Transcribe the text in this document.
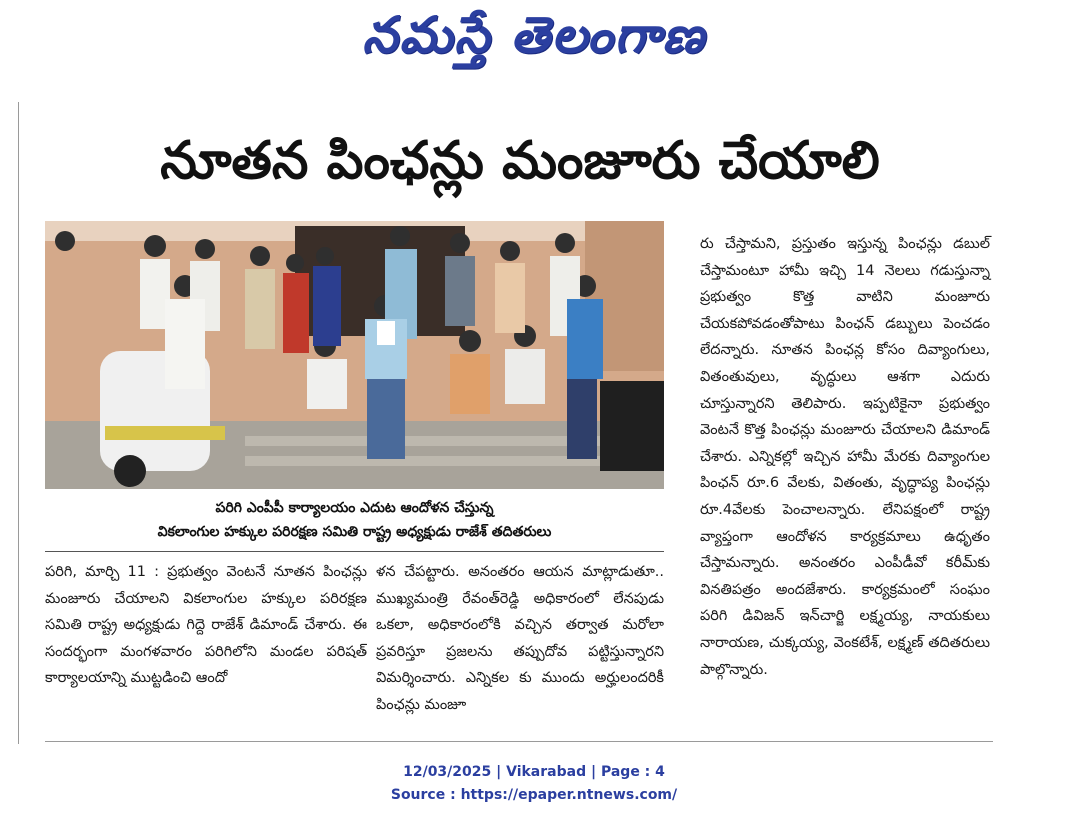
నమస్తే తెలంగాణ
నూతన పింఛన్లు మంజూరు చేయాలి
పరిగి ఎంపీపీ కార్యాలయం ఎదుట ఆందోళన చేస్తున్న
వికలాంగుల హక్కుల పరిరక్షణ సమితి రాష్ట్ర అధ్యక్షుడు రాజేశ్ తదితరులు

పరిగి, మార్చి 11 : ప్రభుత్వం వెంటనే నూతన పింఛన్లు మంజూరు చేయాలని వికలాంగుల హక్కుల పరిరక్షణ సమితి రాష్ట్ర అధ్యక్షుడు గిద్దె రాజేశ్ డిమాండ్ చేశారు. ఈ సందర్భంగా మంగళవారం పరిగిలోని మండల పరిషత్ కార్యాలయాన్ని ముట్టడించి ఆందో

ళన చేపట్టారు. అనంతరం ఆయన మాట్లాడుతూ.. ముఖ్యమంత్రి రేవంత్‌రెడ్డి అధికారంలో లేనపుడు ఒకలా, అధికారంలోకి వచ్చిన తర్వాత మరోలా ప్రవరిస్తూ ప్రజలను తప్పుదోవ పట్టిస్తున్నారని విమర్శించారు. ఎన్నికల కు ముందు అర్హులందరికీ పింఛన్లు మంజూ

రు చేస్తామని, ప్రస్తుతం ఇస్తున్న పింఛన్లు డబుల్ చేస్తామంటూ హామీ ఇచ్చి 14 నెలలు గడుస్తున్నా ప్రభుత్వం కొత్త వాటిని మంజూరు చేయకపోవడంతోపాటు పింఛన్ డబ్బులు పెంచడం లేదన్నారు. నూతన పింఛన్ల కోసం దివ్యాంగులు, వితంతువులు, వృద్ధులు ఆశగా ఎదురు చూస్తున్నారని తెలిపారు. ఇప్పటికైనా ప్రభుత్వం వెంటనే కొత్త పింఛన్లు మంజూరు చేయాలని డిమాండ్ చేశారు. ఎన్నికల్లో ఇచ్చిన హామీ మేరకు దివ్యాంగుల పింఛన్ రూ.6 వేలకు, వితంతు, వృద్ధాప్య పింఛన్లు రూ.4వేలకు పెంచాలన్నారు. లేనిపక్షంలో రాష్ట్ర వ్యాప్తంగా ఆందోళన కార్యక్రమాలు ఉధృతం చేస్తామన్నారు. అనంతరం ఎంపీడీవో కరీమ్‌కు వినతిపత్రం అందజేశారు. కార్యక్రమంలో సంఘం పరిగి డివిజన్ ఇన్‌చార్జి లక్ష్మయ్య, నాయకులు నారాయణ, చుక్కయ్య, వెంకటేశ్, లక్ష్మణ్ తదితరులు పాల్గొన్నారు.

12/03/2025 | Vikarabad | Page : 4
Source : https://epaper.ntnews.com/
